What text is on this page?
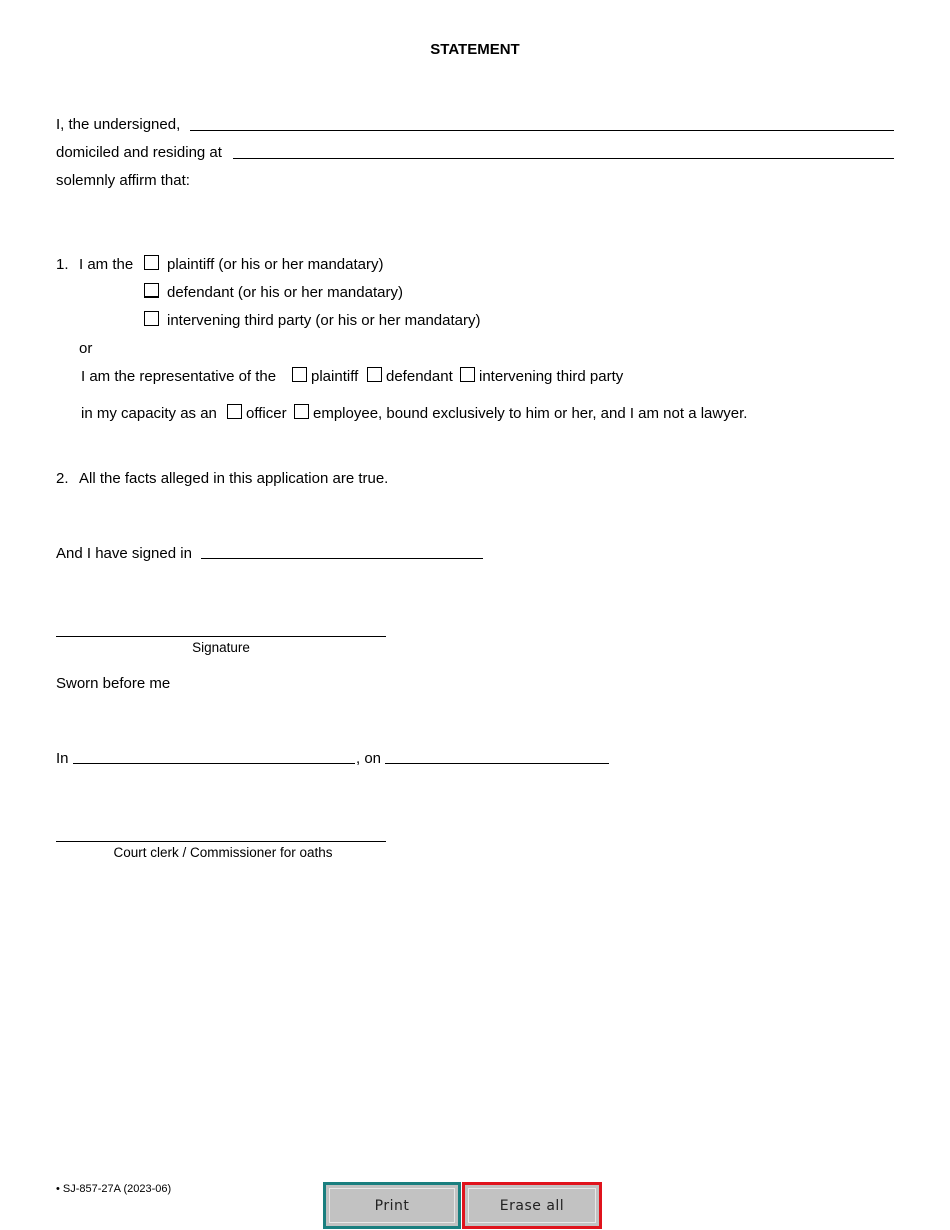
STATEMENT
I, the undersigned,
domiciled and residing at
solemnly affirm that:
1. I am the plaintiff (or his or her mandatary)
defendant (or his or her mandatary)
intervening third party (or his or her mandatary)
or
I am the representative of the plaintiff defendant intervening third party
in my capacity as an officer employee, bound exclusively to him or her, and I am not a lawyer.
2. All the facts alleged in this application are true.
And I have signed in
Signature
Sworn before me
In	, on
Court clerk / Commissioner for oaths
• SJ-857-27A (2023-06)
Print	Erase all
